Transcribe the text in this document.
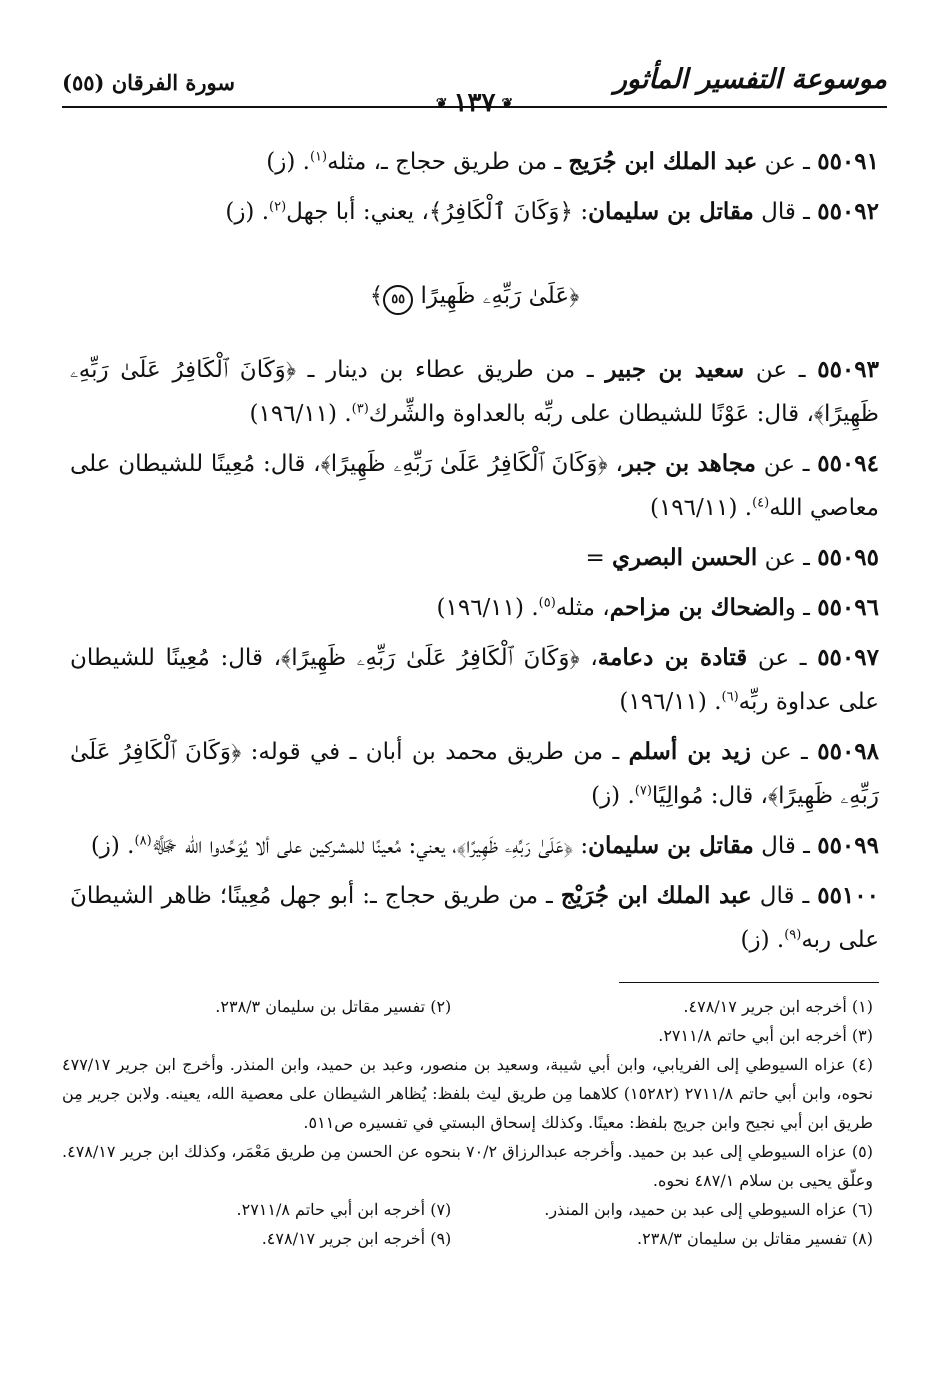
موسوعة التفسير المأثور
❦ ١٣٧ ❦
سورة الفرقان (٥٥)

٥٥٠٩١ ـ عن عبد الملك ابن جُرَيج ـ من طريق حجاج ـ، مثله$^{(١)}$. (ز)

٥٥٠٩٢ ـ قال مقاتل بن سليمان: ﴿وَكَانَ ٱلْكَافِرُ﴾، يعني: أبا جهل$^{(٢)}$. (ز)

﴿عَلَىٰ رَبِّهِۦ ظَهِيرًا ٥٥﴾

٥٥٠٩٣ ـ عن سعيد بن جبير ـ من طريق عطاء بن دينار ـ ﴿وَكَانَ ٱلْكَافِرُ عَلَىٰ رَبِّهِۦ ظَهِيرًا﴾، قال: عَوْنًا للشيطان على ربِّه بالعداوة والشِّرك$^{(٣)}$. (١٩٦/١١)

٥٥٠٩٤ ـ عن مجاهد بن جبر، ﴿وَكَانَ ٱلْكَافِرُ عَلَىٰ رَبِّهِۦ ظَهِيرًا﴾، قال: مُعِينًا للشيطان على معاصي الله$^{(٤)}$. (١٩٦/١١)

٥٥٠٩٥ ـ عن الحسن البصري =

٥٥٠٩٦ ـ والضحاك بن مزاحم، مثله$^{(٥)}$. (١٩٦/١١)

٥٥٠٩٧ ـ عن قتادة بن دعامة، ﴿وَكَانَ ٱلْكَافِرُ عَلَىٰ رَبِّهِۦ ظَهِيرًا﴾، قال: مُعِينًا للشيطان على عداوة ربِّه$^{(٦)}$. (١٩٦/١١)

٥٥٠٩٨ ـ عن زيد بن أسلم ـ من طريق محمد بن أبان ـ في قوله: ﴿وَكَانَ ٱلْكَافِرُ عَلَىٰ رَبِّهِۦ ظَهِيرًا﴾، قال: مُوالِيًا$^{(٧)}$. (ز)

٥٥٠٩٩ ـ قال مقاتل بن سليمان: ﴿عَلَىٰ رَبِّهِۦ ظَهِيرًا﴾، يعني: مُعينًا للمشركين على ألا يُوَحِّدوا الله ﷻ$^{(٨)}$. (ز)

٥٥١٠٠ ـ قال عبد الملك ابن جُرَيْج ـ من طريق حجاج ـ: أبو جهل مُعِينًا؛ ظاهر الشيطانَ على ربه$^{(٩)}$. (ز)

(١) أخرجه ابن جرير ٤٧٨/١٧.
(٢) تفسير مقاتل بن سليمان ٢٣٨/٣.

(٣) أخرجه ابن أبي حاتم ٢٧١١/٨.

(٤) عزاه السيوطي إلى الفريابي، وابن أبي شيبة، وسعيد بن منصور، وعبد بن حميد، وابن المنذر. وأخرج ابن جرير ٤٧٧/١٧ نحوه، وابن أبي حاتم ٢٧١١/٨ (١٥٢٨٢) كلاهما مِن طريق ليث بلفظ: يُظاهر الشيطان على معصية الله، يعينه. ولابن جرير مِن طريق ابن أبي نجيح وابن جريج بلفظ: معينًا. وكذلك إسحاق البستي في تفسيره ص٥١١.

(٥) عزاه السيوطي إلى عبد بن حميد. وأخرجه عبدالرزاق ٧٠/٢ بنحوه عن الحسن مِن طريق مَعْمَر، وكذلك ابن جرير ٤٧٨/١٧. وعلّق يحيى بن سلام ٤٨٧/١ نحوه.

(٦) عزاه السيوطي إلى عبد بن حميد، وابن المنذر.
(٧) أخرجه ابن أبي حاتم ٢٧١١/٨.
(٨) تفسير مقاتل بن سليمان ٢٣٨/٣.
(٩) أخرجه ابن جرير ٤٧٨/١٧.
